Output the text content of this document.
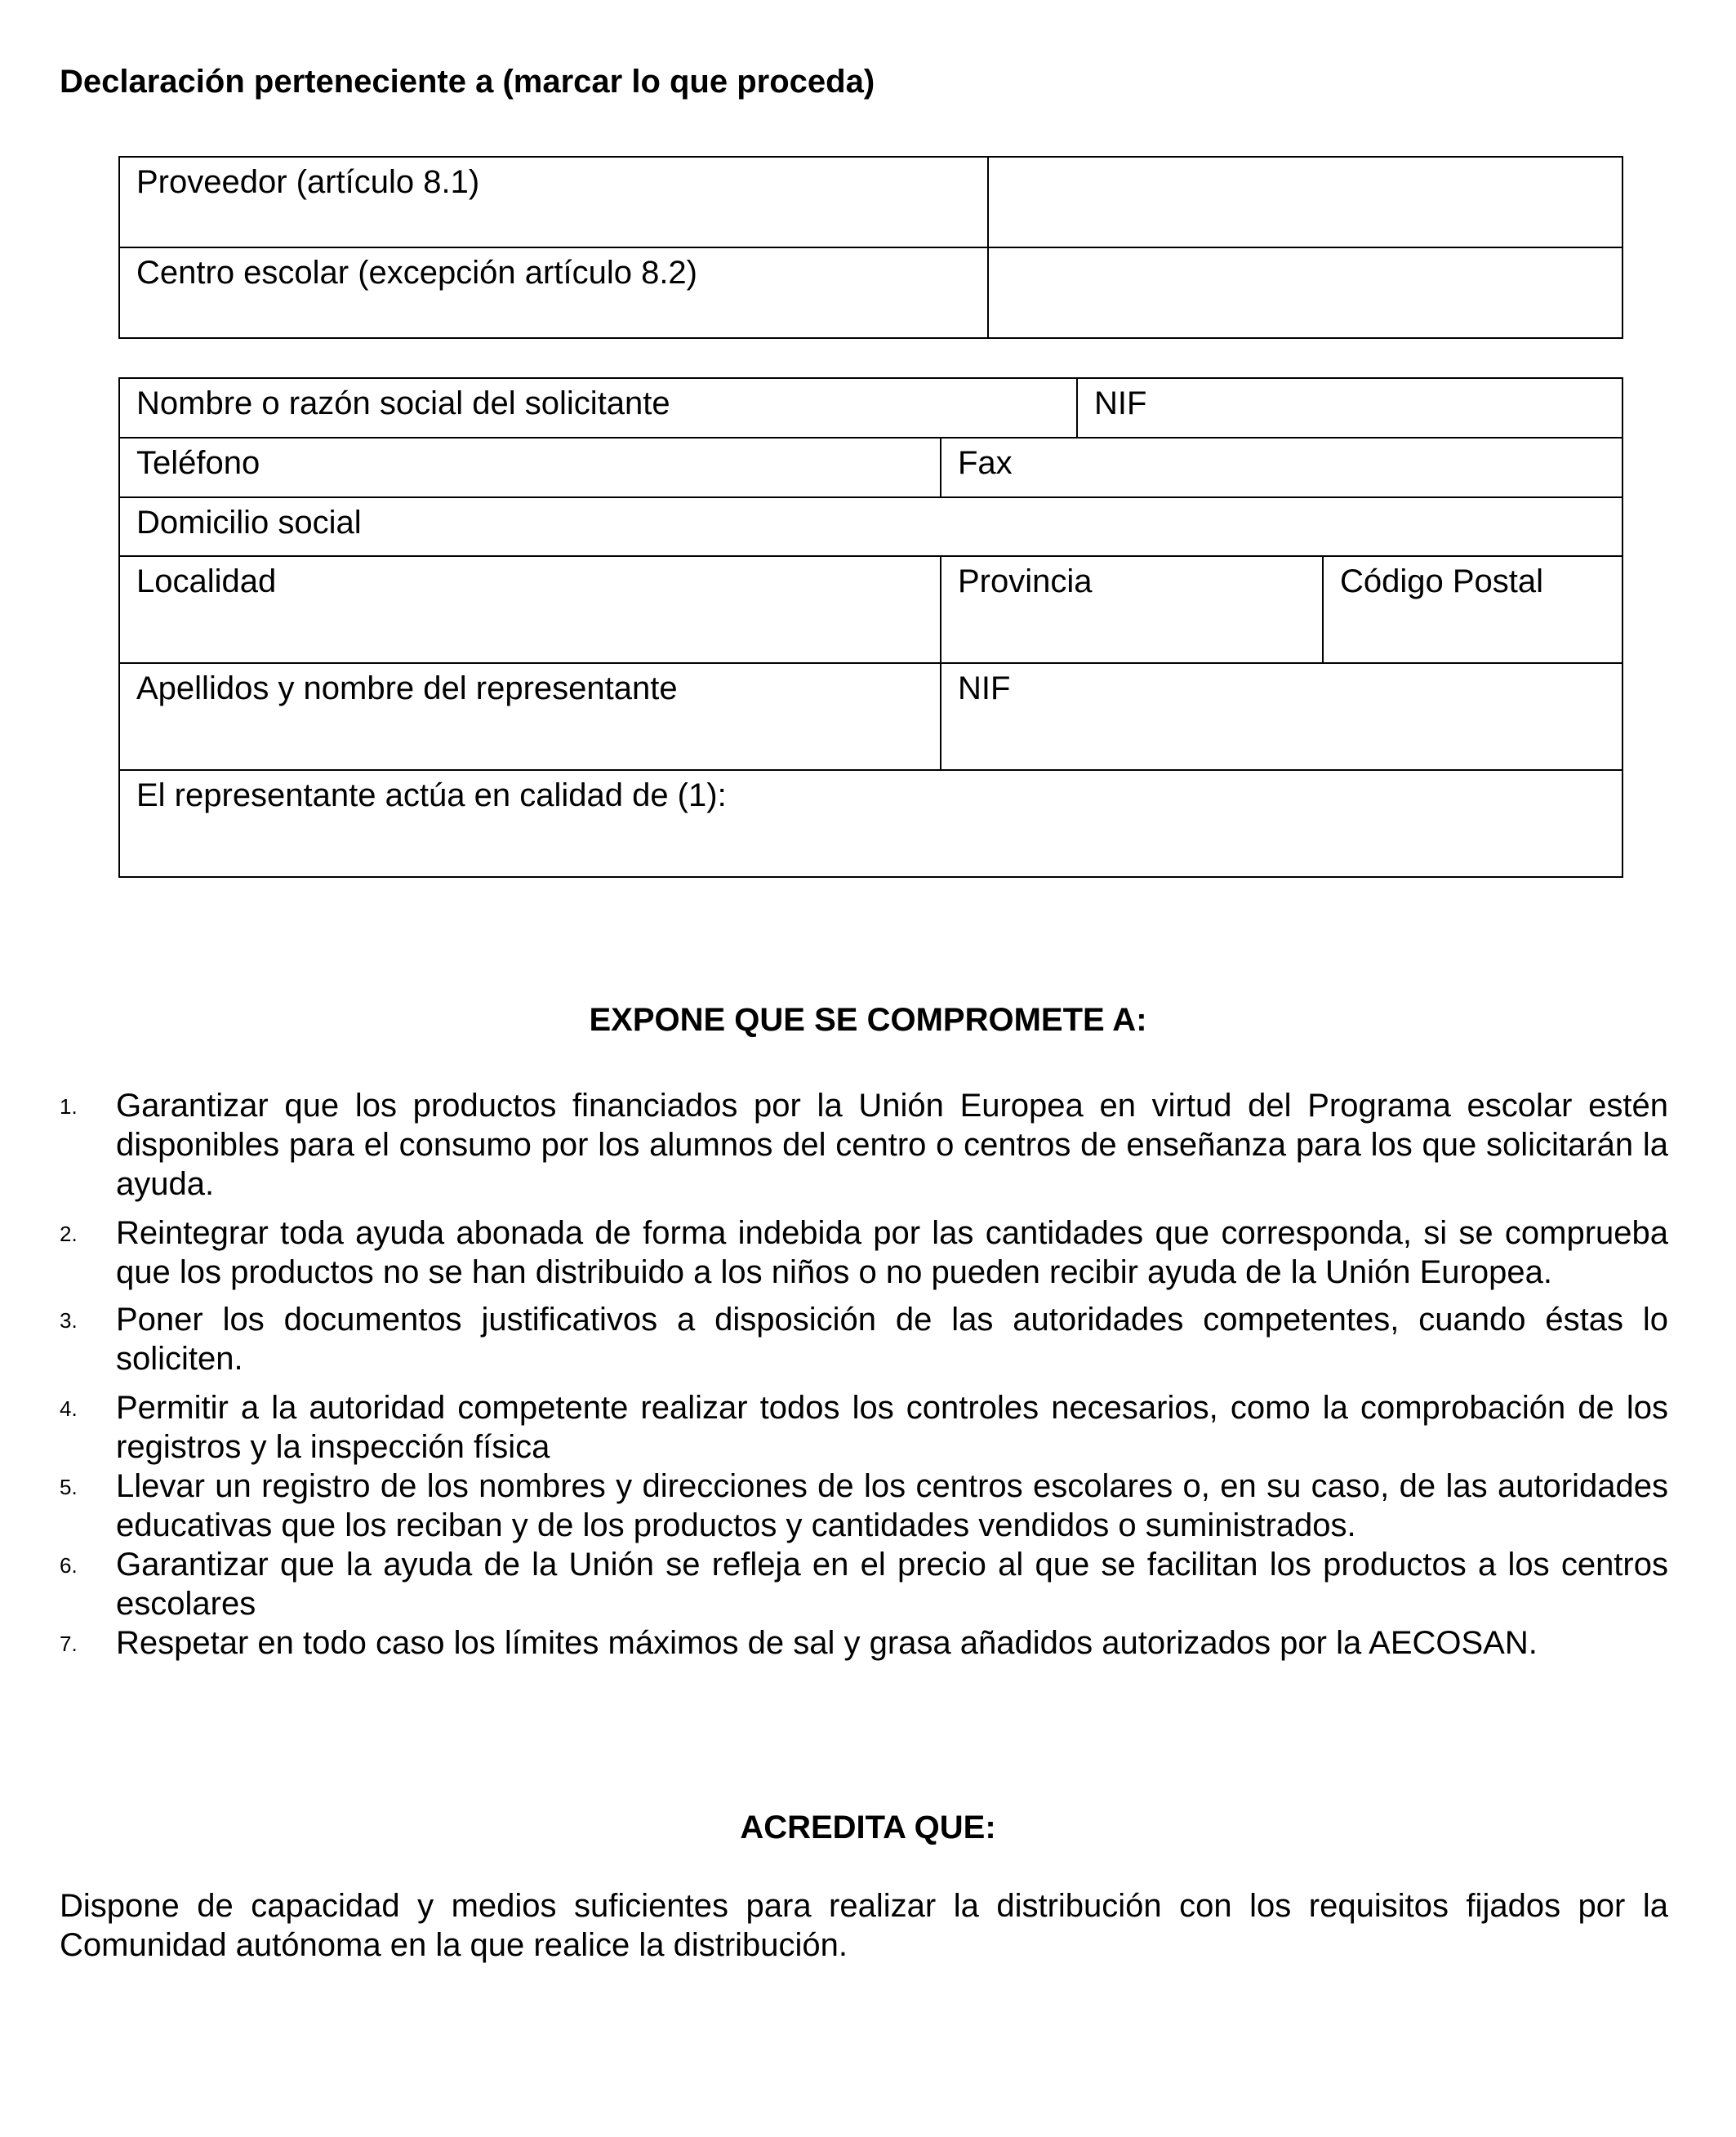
Declaración perteneciente a (marcar lo que proceda)
Proveedor (artículo 8.1)	
Centro escolar (excepción artículo 8.2)	
Nombre o razón social del solicitante		NIF	
Teléfono	Fax		
Domicilio social			
Localidad	Provincia		Código Postal
Apellidos y nombre del representante	NIF		
El representante actúa en calidad de (1):			
EXPONE QUE SE COMPROMETE A:
1. Garantizar que los productos financiados por la Unión Europea en virtud del Programa escolar estén disponibles para el consumo por los alumnos del centro o centros de enseñanza para los que solicitarán la ayuda.
2. Reintegrar toda ayuda abonada de forma indebida por las cantidades que corresponda, si se comprueba que los productos no se han distribuido a los niños o no pueden recibir ayuda de la Unión Europea.
3. Poner los documentos justificativos a disposición de las autoridades competentes, cuando éstas lo soliciten.
4. Permitir a la autoridad competente realizar todos los controles necesarios, como la comprobación de los registros y la inspección física
5. Llevar un registro de los nombres y direcciones de los centros escolares o, en su caso, de las autoridades educativas que los reciban y de los productos y cantidades vendidos o suministrados.
6. Garantizar que la ayuda de la Unión se refleja en el precio al que se facilitan los productos a los centros escolares
7. Respetar en todo caso los límites máximos de sal y grasa añadidos autorizados por la AECOSAN.
ACREDITA QUE:
Dispone de capacidad y medios suficientes para realizar la distribución con los requisitos fijados por la Comunidad autónoma en la que realice la distribución.
